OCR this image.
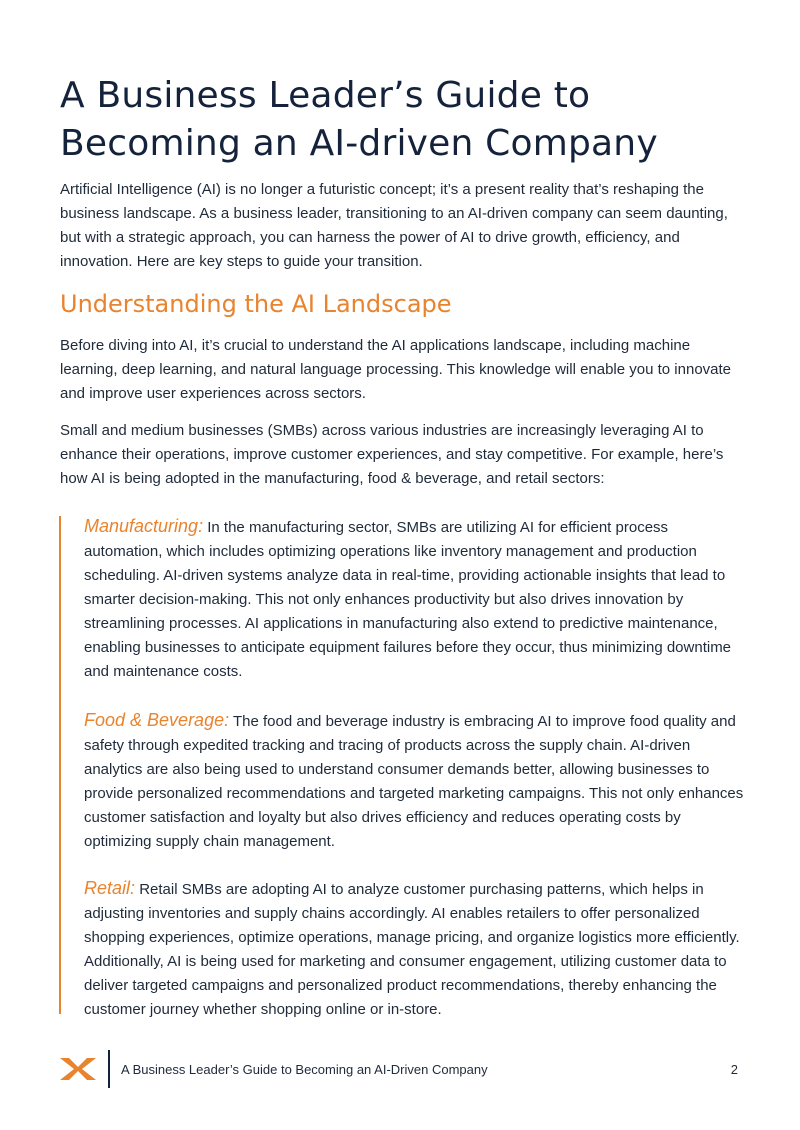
A Business Leader’s Guide to Becoming an AI-driven Company

Artificial Intelligence (AI) is no longer a futuristic concept; it’s a present reality that’s reshaping the business landscape. As a business leader, transitioning to an AI-driven company can seem daunting, but with a strategic approach, you can harness the power of AI to drive growth, efficiency, and innovation. Here are key steps to guide your transition.

Understanding the AI Landscape

Before diving into AI, it’s crucial to understand the AI applications landscape, including machine learning, deep learning, and natural language processing. This knowledge will enable you to innovate and improve user experiences across sectors.

Small and medium businesses (SMBs) across various industries are increasingly leveraging AI to enhance their operations, improve customer experiences, and stay competitive. For example, here’s how AI is being adopted in the manufacturing, food & beverage, and retail sectors:

Manufacturing: In the manufacturing sector, SMBs are utilizing AI for efficient process automation, which includes optimizing operations like inventory management and production scheduling. AI-driven systems analyze data in real-time, providing actionable insights that lead to smarter decision-making. This not only enhances productivity but also drives innovation by streamlining processes. AI applications in manufacturing also extend to predictive maintenance, enabling businesses to anticipate equipment failures before they occur, thus minimizing downtime and maintenance costs.

Food & Beverage: The food and beverage industry is embracing AI to improve food quality and safety through expedited tracking and tracing of products across the supply chain. AI-driven analytics are also being used to understand consumer demands better, allowing businesses to provide personalized recommendations and targeted marketing campaigns. This not only enhances customer satisfaction and loyalty but also drives efficiency and reduces operating costs by optimizing supply chain management.

Retail: Retail SMBs are adopting AI to analyze customer purchasing patterns, which helps in adjusting inventories and supply chains accordingly. AI enables retailers to offer personalized shopping experiences, optimize operations, manage pricing, and organize logistics more efficiently. Additionally, AI is being used for marketing and consumer engagement, utilizing customer data to deliver targeted campaigns and personalized product recommendations, thereby enhancing the customer journey whether shopping online or in-store.

A Business Leader’s Guide to Becoming an AI-Driven Company	2
